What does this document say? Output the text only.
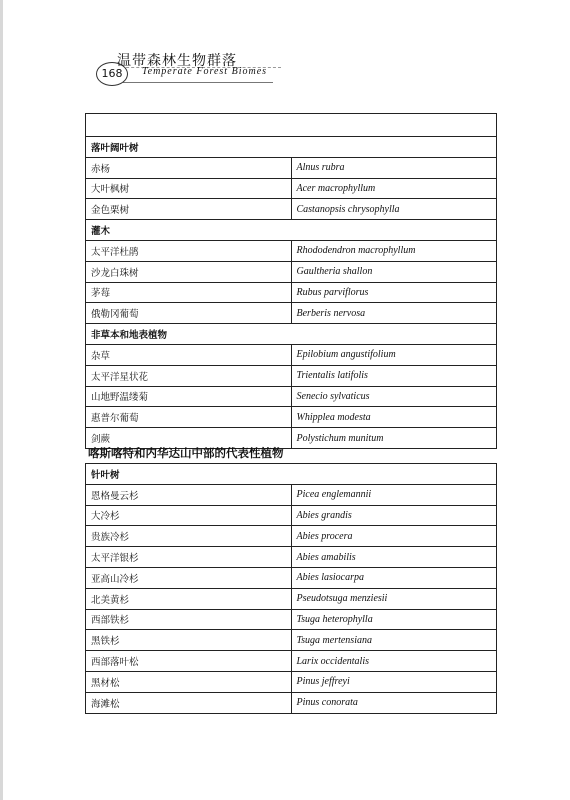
168
温带森林生物群落
Temperate Forest Biomes

落叶阔叶树	
赤杨	Alnus rubra
大叶枫树	Acer macrophyllum
金色栗树	Castanopsis chrysophylla
灌木	
太平洋杜鹃	Rhododendron macrophyllum
沙龙白珠树	Gaultheria shallon
茅莓	Rubus parviflorus
俄勒冈葡萄	Berberis nervosa
非草本和地表植物	
杂草	Epilobium angustifolium
太平洋星状花	Trientalis latifolis
山地野温缕菊	Senecio sylvaticus
惠普尔葡萄	Whipplea modesta
剑蕨	Polystichum munitum
喀斯喀特和内华达山中部的代表性植物
针叶树	
恩格曼云杉	Picea englemannii
大冷杉	Abies grandis
贵族冷杉	Abies procera
太平洋银杉	Abies amabilis
亚高山冷杉	Abies lasiocarpa
北美黄杉	Pseudotsuga menziesii
西部铁杉	Tsuga heterophylla
黑铁杉	Tsuga mertensiana
西部落叶松	Larix occidentalis
黑材松	Pinus jeffreyi
海滩松	Pinus conorata
